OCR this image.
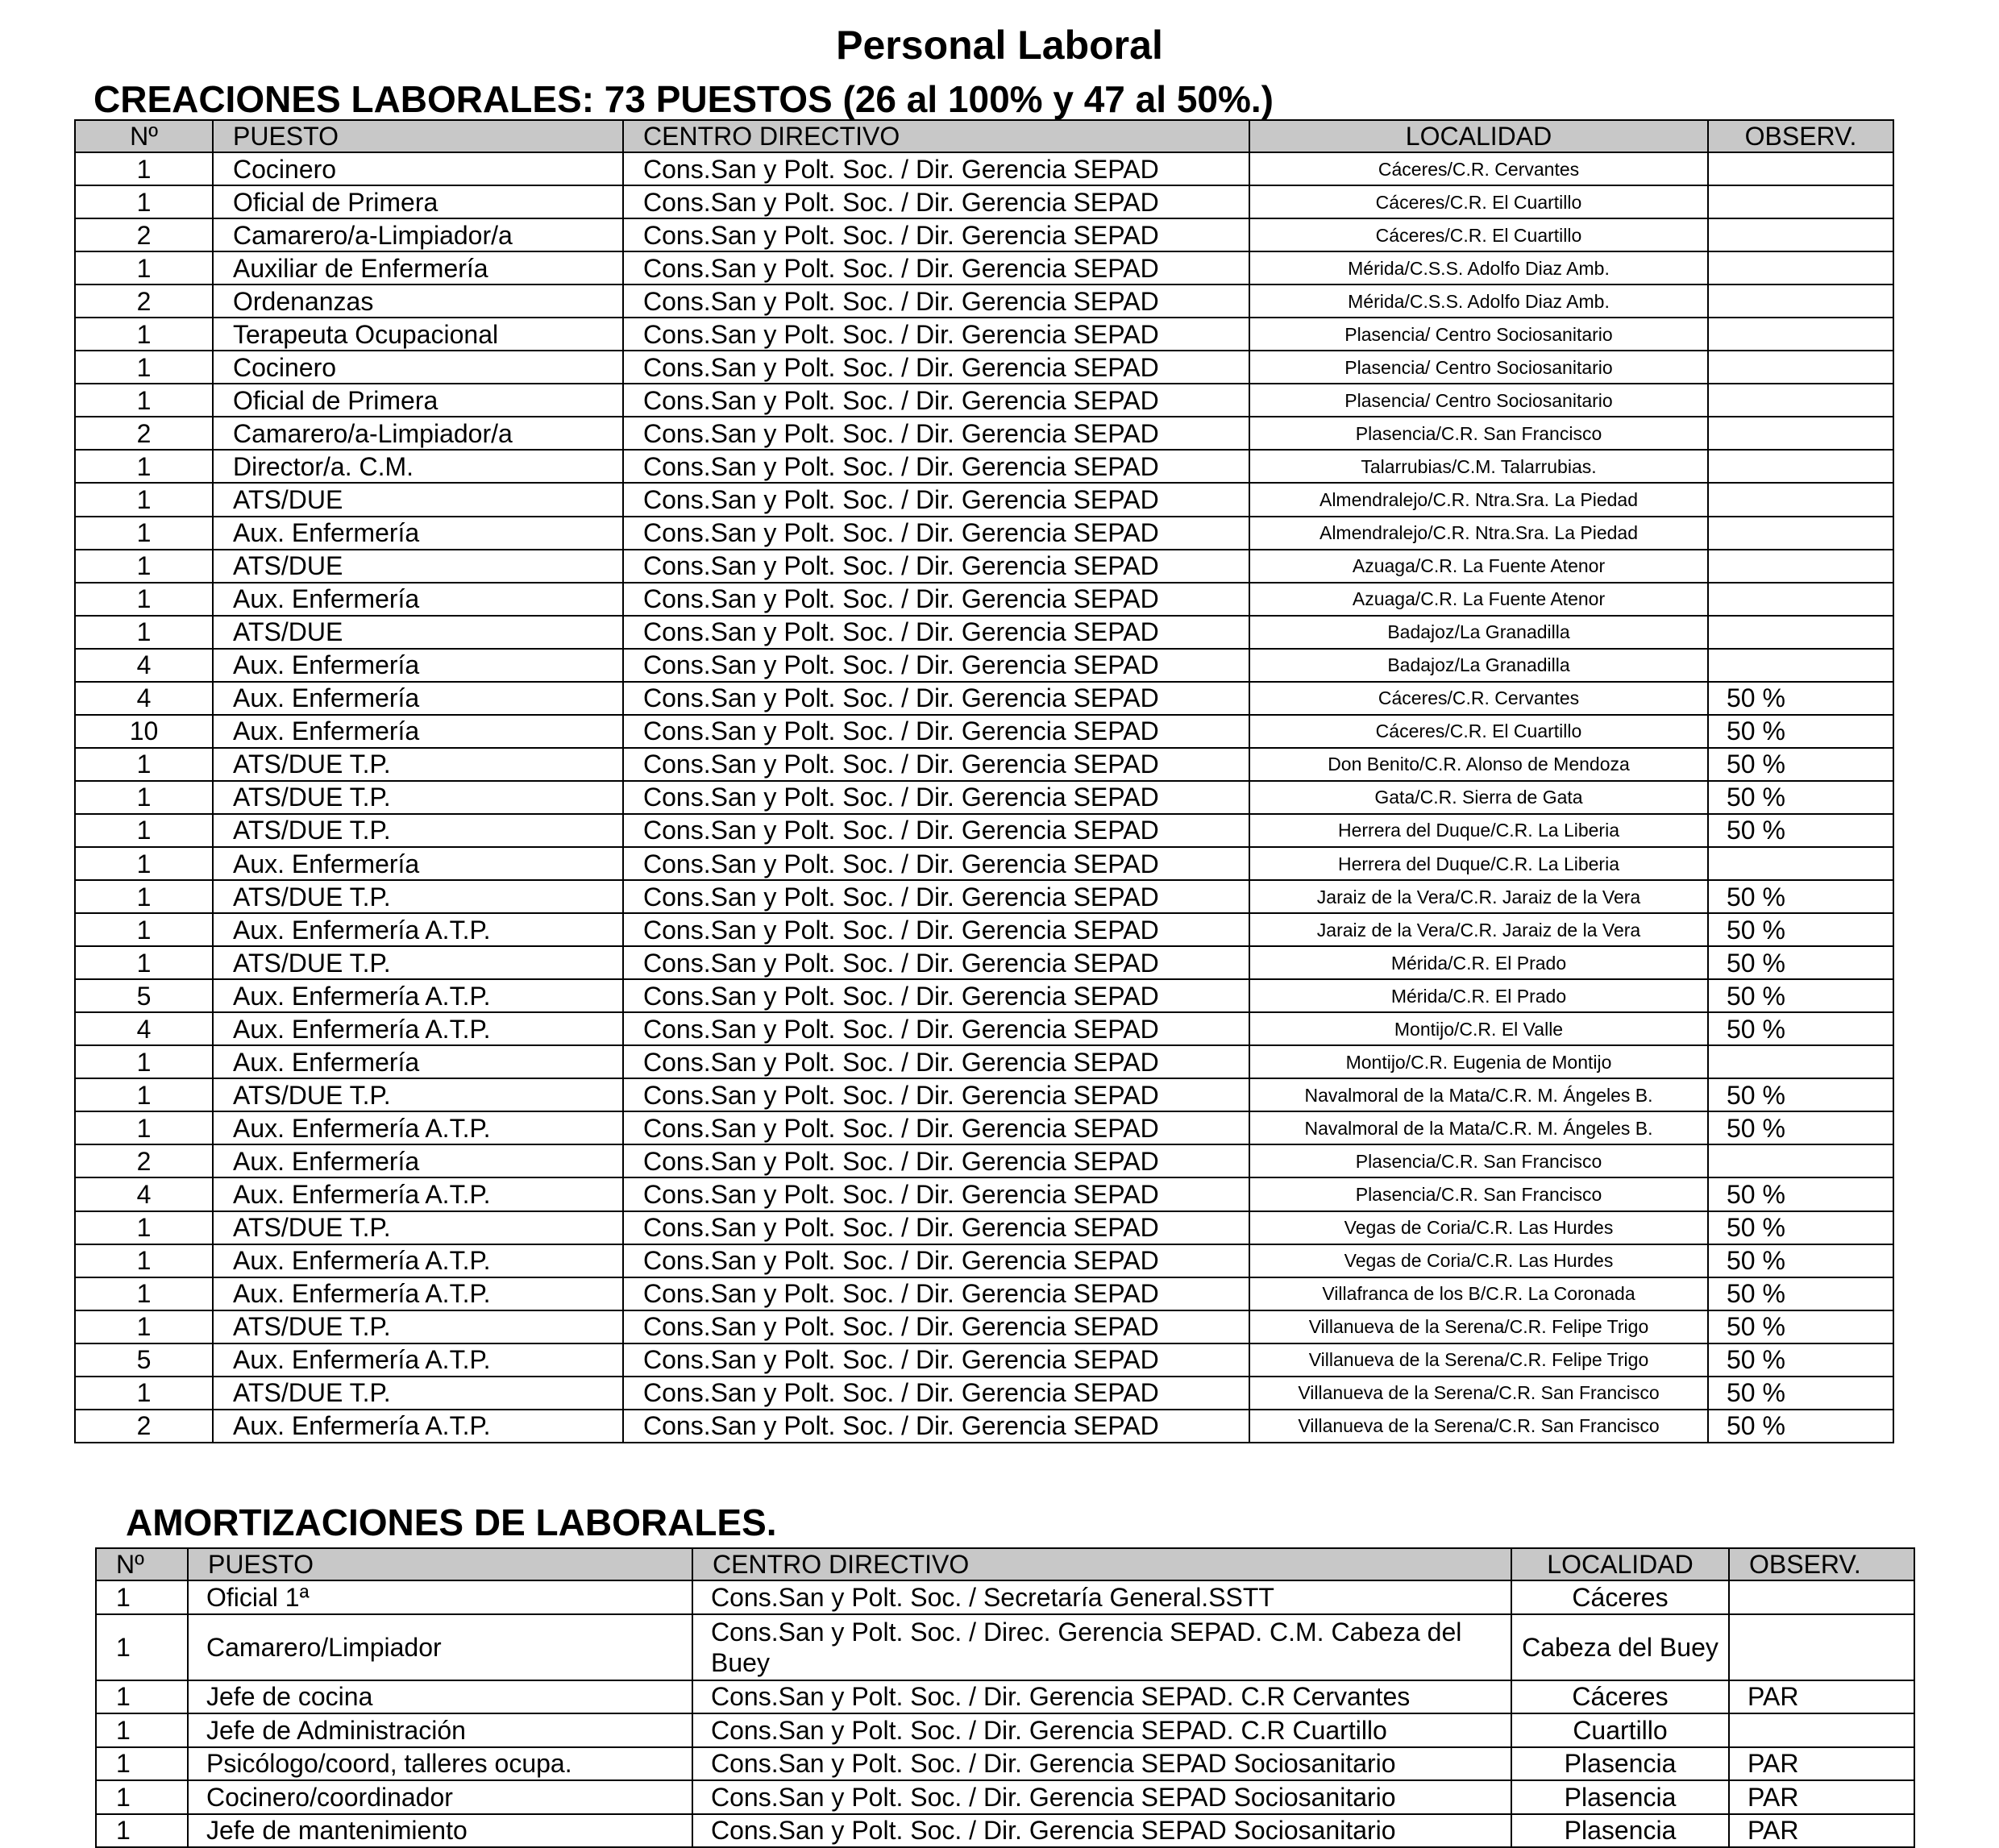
Personal Laboral
CREACIONES LABORALES: 73 PUESTOS (26 al 100% y 47 al 50%.)
Nº	PUESTO	CENTRO DIRECTIVO	LOCALIDAD	OBSERV.
1	Cocinero	Cons.San y Polt. Soc. / Dir. Gerencia SEPAD	Cáceres/C.R. Cervantes	
1	Oficial de Primera	Cons.San y Polt. Soc. / Dir. Gerencia SEPAD	Cáceres/C.R. El Cuartillo	
2	Camarero/a-Limpiador/a	Cons.San y Polt. Soc. / Dir. Gerencia SEPAD	Cáceres/C.R. El Cuartillo	
1	Auxiliar de Enfermería	Cons.San y Polt. Soc. / Dir. Gerencia SEPAD	Mérida/C.S.S. Adolfo Diaz Amb.	
2	Ordenanzas	Cons.San y Polt. Soc. / Dir. Gerencia SEPAD	Mérida/C.S.S. Adolfo Diaz Amb.	
1	Terapeuta Ocupacional	Cons.San y Polt. Soc. / Dir. Gerencia SEPAD	Plasencia/ Centro Sociosanitario	
1	Cocinero	Cons.San y Polt. Soc. / Dir. Gerencia SEPAD	Plasencia/ Centro Sociosanitario	
1	Oficial de Primera	Cons.San y Polt. Soc. / Dir. Gerencia SEPAD	Plasencia/ Centro Sociosanitario	
2	Camarero/a-Limpiador/a	Cons.San y Polt. Soc. / Dir. Gerencia SEPAD	Plasencia/C.R. San Francisco	
1	Director/a. C.M.	Cons.San y Polt. Soc. / Dir. Gerencia SEPAD	Talarrubias/C.M. Talarrubias.	
1	ATS/DUE	Cons.San y Polt. Soc. / Dir. Gerencia SEPAD	Almendralejo/C.R. Ntra.Sra. La Piedad	
1	Aux. Enfermería	Cons.San y Polt. Soc. / Dir. Gerencia SEPAD	Almendralejo/C.R. Ntra.Sra. La Piedad	
1	ATS/DUE	Cons.San y Polt. Soc. / Dir. Gerencia SEPAD	Azuaga/C.R. La Fuente Atenor	
1	Aux. Enfermería	Cons.San y Polt. Soc. / Dir. Gerencia SEPAD	Azuaga/C.R. La Fuente Atenor	
1	ATS/DUE	Cons.San y Polt. Soc. / Dir. Gerencia SEPAD	Badajoz/La Granadilla	
4	Aux. Enfermería	Cons.San y Polt. Soc. / Dir. Gerencia SEPAD	Badajoz/La Granadilla	
4	Aux. Enfermería	Cons.San y Polt. Soc. / Dir. Gerencia SEPAD	Cáceres/C.R. Cervantes	50 %
10	Aux. Enfermería	Cons.San y Polt. Soc. / Dir. Gerencia SEPAD	Cáceres/C.R. El Cuartillo	50 %
1	ATS/DUE T.P.	Cons.San y Polt. Soc. / Dir. Gerencia SEPAD	Don Benito/C.R. Alonso de Mendoza	50 %
1	ATS/DUE T.P.	Cons.San y Polt. Soc. / Dir. Gerencia SEPAD	Gata/C.R. Sierra de Gata	50 %
1	ATS/DUE T.P.	Cons.San y Polt. Soc. / Dir. Gerencia SEPAD	Herrera del Duque/C.R. La Liberia	50 %
1	Aux. Enfermería	Cons.San y Polt. Soc. / Dir. Gerencia SEPAD	Herrera del Duque/C.R. La Liberia	
1	ATS/DUE T.P.	Cons.San y Polt. Soc. / Dir. Gerencia SEPAD	Jaraiz de la Vera/C.R. Jaraiz de la Vera	50 %
1	Aux. Enfermería A.T.P.	Cons.San y Polt. Soc. / Dir. Gerencia SEPAD	Jaraiz de la Vera/C.R. Jaraiz de la Vera	50 %
1	ATS/DUE T.P.	Cons.San y Polt. Soc. / Dir. Gerencia SEPAD	Mérida/C.R. El Prado	50 %
5	Aux. Enfermería A.T.P.	Cons.San y Polt. Soc. / Dir. Gerencia SEPAD	Mérida/C.R. El Prado	50 %
4	Aux. Enfermería A.T.P.	Cons.San y Polt. Soc. / Dir. Gerencia SEPAD	Montijo/C.R. El Valle	50 %
1	Aux. Enfermería	Cons.San y Polt. Soc. / Dir. Gerencia SEPAD	Montijo/C.R. Eugenia de Montijo	
1	ATS/DUE T.P.	Cons.San y Polt. Soc. / Dir. Gerencia SEPAD	Navalmoral de la Mata/C.R. M. Ángeles B.	50 %
1	Aux. Enfermería A.T.P.	Cons.San y Polt. Soc. / Dir. Gerencia SEPAD	Navalmoral de la Mata/C.R. M. Ángeles B.	50 %
2	Aux. Enfermería	Cons.San y Polt. Soc. / Dir. Gerencia SEPAD	Plasencia/C.R. San Francisco	
4	Aux. Enfermería A.T.P.	Cons.San y Polt. Soc. / Dir. Gerencia SEPAD	Plasencia/C.R. San Francisco	50 %
1	ATS/DUE T.P.	Cons.San y Polt. Soc. / Dir. Gerencia SEPAD	Vegas de Coria/C.R. Las Hurdes	50 %
1	Aux. Enfermería A.T.P.	Cons.San y Polt. Soc. / Dir. Gerencia SEPAD	Vegas de Coria/C.R. Las Hurdes	50 %
1	Aux. Enfermería A.T.P.	Cons.San y Polt. Soc. / Dir. Gerencia SEPAD	Villafranca de los B/C.R. La Coronada	50 %
1	ATS/DUE T.P.	Cons.San y Polt. Soc. / Dir. Gerencia SEPAD	Villanueva de la Serena/C.R. Felipe Trigo	50 %
5	Aux. Enfermería A.T.P.	Cons.San y Polt. Soc. / Dir. Gerencia SEPAD	Villanueva de la Serena/C.R. Felipe Trigo	50 %
1	ATS/DUE T.P.	Cons.San y Polt. Soc. / Dir. Gerencia SEPAD	Villanueva de la Serena/C.R. San Francisco	50 %
2	Aux. Enfermería A.T.P.	Cons.San y Polt. Soc. / Dir. Gerencia SEPAD	Villanueva de la Serena/C.R. San Francisco	50 %
AMORTIZACIONES DE LABORALES.
Nº	PUESTO	CENTRO DIRECTIVO	LOCALIDAD	OBSERV.
1	Oficial 1ª	Cons.San y Polt. Soc. / Secretaría General.SSTT	Cáceres	
1	Camarero/Limpiador	Cons.San y Polt. Soc. / Direc. Gerencia SEPAD. C.M. Cabeza del Buey	Cabeza del Buey	
1	Jefe de cocina	Cons.San y Polt. Soc. / Dir. Gerencia SEPAD. C.R Cervantes	Cáceres	PAR
1	Jefe de Administración	Cons.San y Polt. Soc. / Dir. Gerencia SEPAD. C.R Cuartillo	Cuartillo	
1	Psicólogo/coord, talleres ocupa.	Cons.San y Polt. Soc. / Dir. Gerencia SEPAD Sociosanitario	Plasencia	PAR
1	Cocinero/coordinador	Cons.San y Polt. Soc. / Dir. Gerencia SEPAD Sociosanitario	Plasencia	PAR
1	Jefe de mantenimiento	Cons.San y Polt. Soc. / Dir. Gerencia SEPAD Sociosanitario	Plasencia	PAR
